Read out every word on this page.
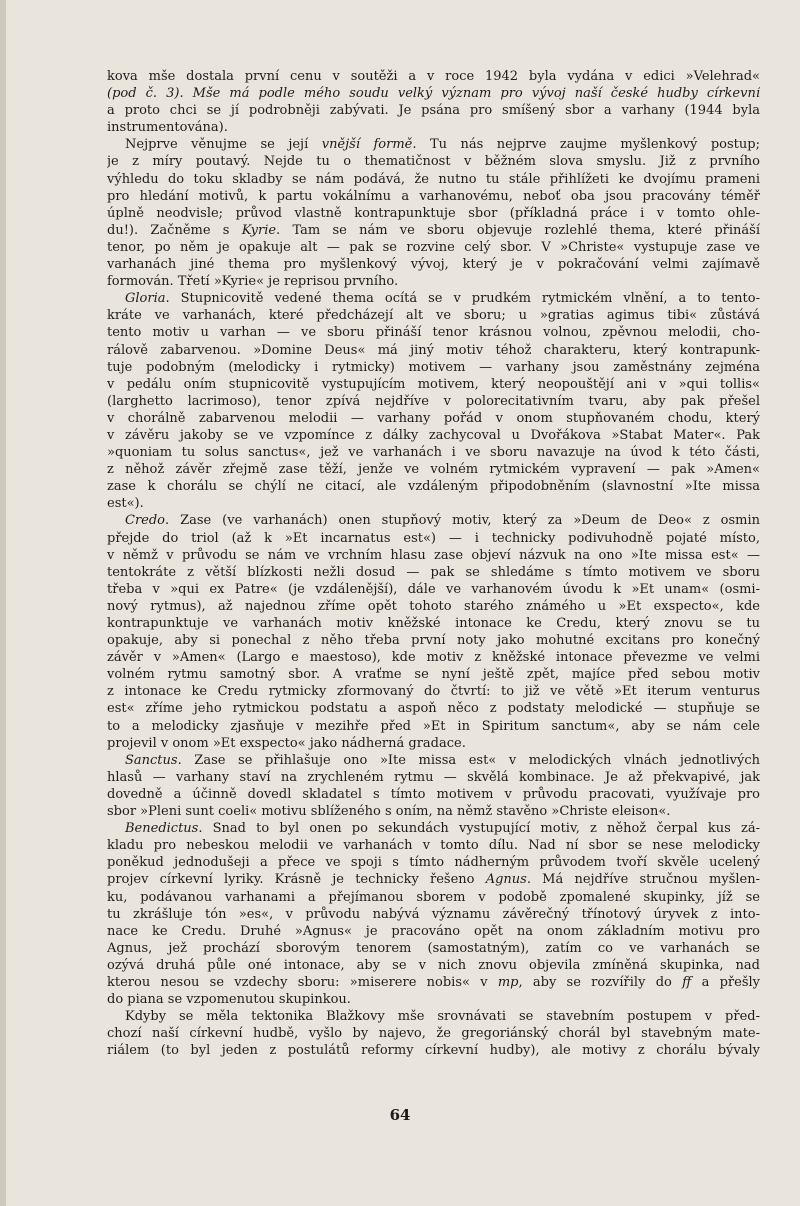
kova mše dostala první cenu v soutěži a v roce 1942 byla vydána v edici »Velehrad«
(pod č. 3). Mše má podle mého soudu velký význam pro vývoj naší české hudby církevní
a proto chci se jí podrobněji zabývati. Je psána pro smíšený sbor a varhany (1944 byla
instrumentována).
Nejprve věnujme se její vnější formě. Tu nás nejprve zaujme myšlenkový postup;
je z míry poutavý. Nejde tu o thematičnost v běžném slova smyslu. Již z prvního
výhledu do toku skladby se nám podává, že nutno tu stále přihlížeti ke dvojímu prameni
pro hledání motivů, k partu vokálnímu a varhanovému, neboť oba jsou pracovány téměř
úplně neodvisle; průvod vlastně kontrapunktuje sbor (příkladná práce i v tomto ohle-
du!). Začněme s Kyrie. Tam se nám ve sboru objevuje rozlehlé thema, které přináší
tenor, po něm je opakuje alt — pak se rozvine celý sbor. V »Christe« vystupuje zase ve
varhanách jiné thema pro myšlenkový vývoj, který je v pokračování velmi zajímavě
formován. Třetí »Kyrie« je reprisou prvního.
Gloria. Stupnicovitě vedené thema ocítá se v prudkém rytmickém vlnění, a to tento-
kráte ve varhanách, které předcházejí alt ve sboru; u »gratias agimus tibi« zůstává
tento motiv u varhan — ve sboru přináší tenor krásnou volnou, zpěvnou melodii, cho-
rálově zabarvenou. »Domine Deus« má jiný motiv téhož charakteru, který kontrapunk-
tuje podobným (melodicky i rytmicky) motivem — varhany jsou zaměstnány zejména
v pedálu oním stupnicovitě vystupujícím motivem, který neopouštějí ani v »qui tollis«
(larghetto lacrimoso), tenor zpívá nejdříve v polorecitativním tvaru, aby pak přešel
v chorálně zabarvenou melodii — varhany pořád v onom stupňovaném chodu, který
v závěru jakoby se ve vzpomínce z dálky zachycoval u Dvořákova »Stabat Mater«. Pak
»quoniam tu solus sanctus«, jež ve varhanách i ve sboru navazuje na úvod k této části,
z něhož závěr zřejmě zase těží, jenže ve volném rytmickém vypravení — pak »Amen«
zase k chorálu se chýlí ne citací, ale vzdáleným připodobněním (slavnostní »Ite missa
est«).
Credo. Zase (ve varhanách) onen stupňový motiv, který za »Deum de Deo« z osmin
přejde do triol (až k »Et incarnatus est«) — i technicky podivuhodně pojaté místo,
v němž v průvodu se nám ve vrchním hlasu zase objeví názvuk na ono »Ite missa est« —
tentokráte z větší blízkosti nežli dosud — pak se shledáme s tímto motivem ve sboru
třeba v »qui ex Patre« (je vzdálenější), dále ve varhanovém úvodu k »Et unam« (osmi-
nový rytmus), až najednou zříme opět tohoto starého známého u »Et exspecto«, kde
kontrapunktuje ve varhanách motiv kněžské intonace ke Credu, který znovu se tu
opakuje, aby si ponechal z něho třeba první noty jako mohutné excitans pro konečný
závěr v »Amen« (Largo e maestoso), kde motiv z kněžské intonace převezme ve velmi
volném rytmu samotný sbor. A vraťme se nyní ještě zpět, majíce před sebou motiv
z intonace ke Credu rytmicky zformovaný do čtvrtí: to již ve větě »Et iterum venturus
est« zříme jeho rytmickou podstatu a aspoň něco z podstaty melodické — stupňuje se
to a melodicky zjasňuje v mezihře před »Et in Spiritum sanctum«, aby se nám cele
projevil v onom »Et exspecto« jako nádherná gradace.
Sanctus. Zase se přihlašuje ono »Ite missa est« v melodických vlnách jednotlivých
hlasů — varhany staví na zrychleném rytmu — skvělá kombinace. Je až překvapivé, jak
dovedně a účinně dovedl skladatel s tímto motivem v průvodu pracovati, využívaje pro
sbor »Pleni sunt coeli« motivu sblíženého s oním, na němž stavěno »Christe eleison«.
Benedictus. Snad to byl onen po sekundách vystupující motiv, z něhož čerpal kus zá-
kladu pro nebeskou melodii ve varhanách v tomto dílu. Nad ní sbor se nese melodicky
poněkud jednodušeji a přece ve spoji s tímto nádherným průvodem tvoří skvěle ucelený
projev církevní lyriky. Krásně je technicky řešeno Agnus. Má nejdříve stručnou myšlen-
ku, podávanou varhanami a přejímanou sborem v podobě zpomalené skupinky, jíž se
tu zkrášluje tón »es«, v průvodu nabývá významu závěrečný třínotový úryvek z into-
nace ke Credu. Druhé »Agnus« je pracováno opět na onom základním motivu pro
Agnus, jež prochází sborovým tenorem (samostatným), zatím co ve varhanách se
ozývá druhá půle oné intonace, aby se v nich znovu objevila zmíněná skupinka, nad
kterou nesou se vzdechy sboru: »miserere nobis« v mp, aby se rozvířily do ff a přešly
do piana se vzpomenutou skupinkou.
Kdyby se měla tektonika Blažkovy mše srovnávati se stavebním postupem v před-
chozí naší církevní hudbě, vyšlo by najevo, že gregoriánský chorál byl stavebným mate-
riálem (to byl jeden z postulátů reformy církevní hudby), ale motivy z chorálu bývaly
64
